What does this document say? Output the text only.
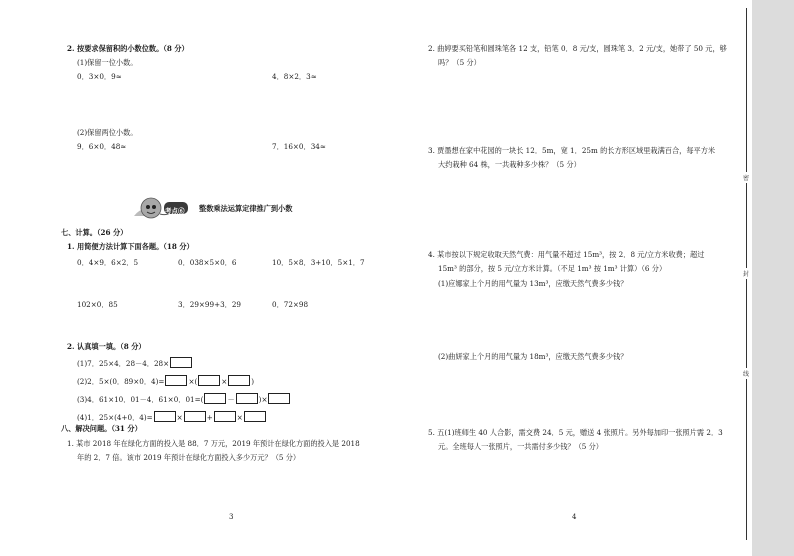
2. 按要求保留积的小数位数。（8 分）
(1)保留一位小数。
0．3×0．9≈	4．8×2．3≈
(2)保留两位小数。
9．6×0．48≈	7．16×0．34≈
考点⑥ 整数乘法运算定律推广到小数
七、计算。（26 分）
1. 用简便方法计算下面各题。（18 分）
0．4×9．6×2．5	0．038×5×0．6	10．5×8．3+10．5×1．7
102×0．85	3．29×99+3．29	0．72×98
2. 认真填一填。（8 分）
(1)7．25×4．28－4．28×
(2)2．5×(0．89×0．4)=	×(	×	)
(3)4．61×10．01－4．61×0．01=(	－	)×
(4)1．25×(4+0．4)=	×	+	×
八、解决问题。（31 分）
1. 某市 2018 年在绿化方面的投入是 88．7 万元，2019 年预计在绿化方面的投入是 2018
年的 2．7 倍。该市 2019 年预计在绿化方面投入多少万元？（5 分）
3
2. 曲婷要买铅笔和圆珠笔各 12 支，铅笔 0．8 元/支，圆珠笔 3．2 元/支，她带了 50 元，够
吗？（5 分）
3. 贾墨想在家中花园的一块长 12．5m，宽 1．25m 的长方形区域里栽满百合，每平方米
大约栽种 64 株，一共栽种多少株？（5 分）
4. 某市按以下规定收取天然气费：用气量不超过 15m³，按 2．8 元/立方米收费；超过
15m³ 的部分，按 5 元/立方米计算。（不足 1m³ 按 1m³ 计算）（6 分）
(1)应娜家上个月的用气量为 13m³，应缴天然气费多少钱？
(2)曲妍家上个月的用气量为 18m³，应缴天然气费多少钱？
5. 五(1)班师生 40 人合影，需交费 24．5 元，赠送 4 张照片。另外每加印一张照片需 2．3
元。全班每人一张照片，一共需付多少钱？（5 分）
4
密
封
线
